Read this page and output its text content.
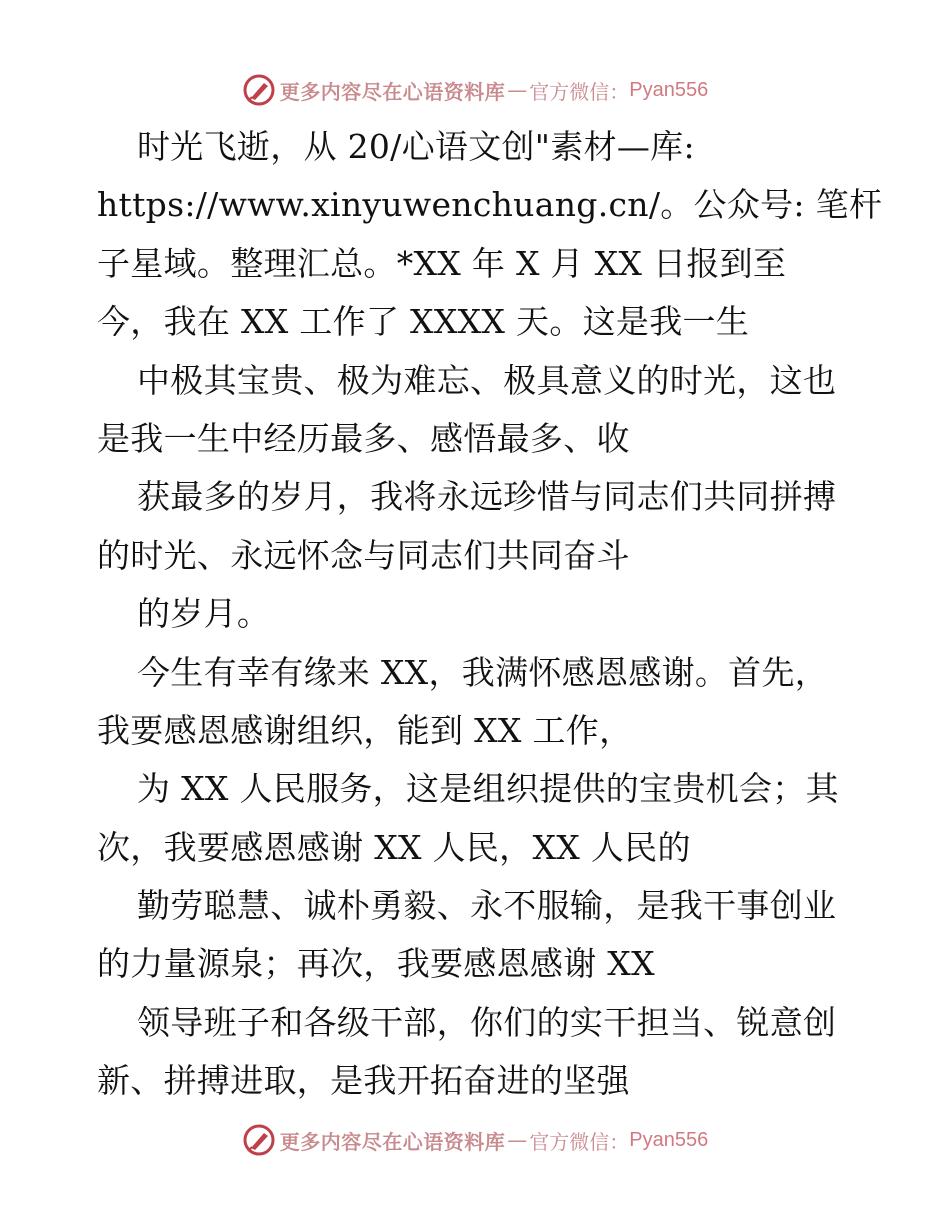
更多内容尽在心语资料库 — 官方微信： Pyan556
时光飞逝，从 20/心语文创"素材—库:
https://www.xinyuwenchuang.cn/。公众号: 笔杆
子星域。整理汇总。*XX 年 X 月 XX 日报到至
今，我在 XX 工作了 XXXX 天。这是我一生
中极其宝贵、极为难忘、极具意义的时光，这也
是我一生中经历最多、感悟最多、收
获最多的岁月，我将永远珍惜与同志们共同拼搏
的时光、永远怀念与同志们共同奋斗
的岁月。
今生有幸有缘来 XX，我满怀感恩感谢。首先，
我要感恩感谢组织，能到 XX 工作，
为 XX 人民服务，这是组织提供的宝贵机会；其
次，我要感恩感谢 XX 人民，XX 人民的
勤劳聪慧、诚朴勇毅、永不服输，是我干事创业
的力量源泉；再次，我要感恩感谢 XX
领导班子和各级干部，你们的实干担当、锐意创
新、拼搏进取，是我开拓奋进的坚强
更多内容尽在心语资料库 — 官方微信： Pyan556
